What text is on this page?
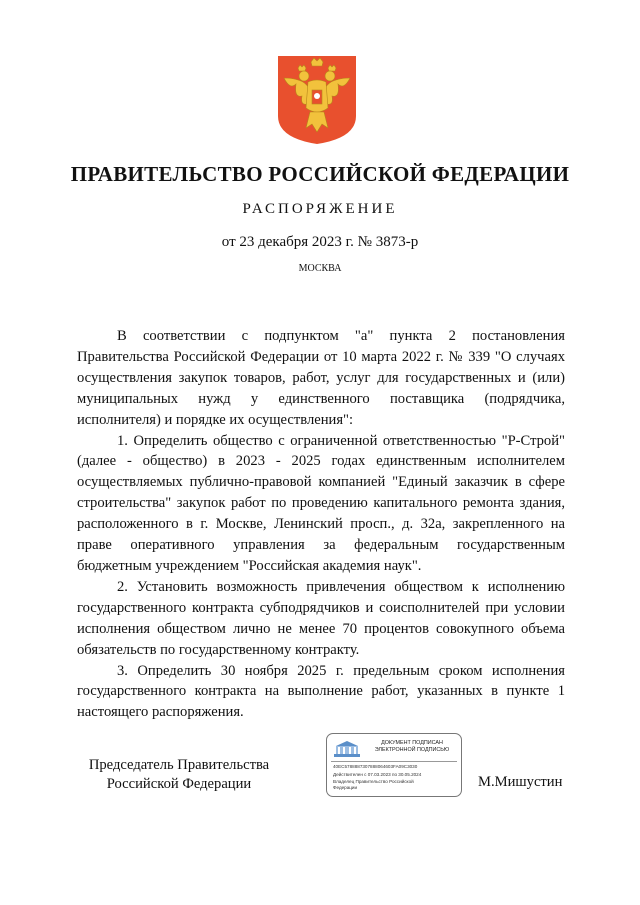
ПРАВИТЕЛЬСТВО РОССИЙСКОЙ ФЕДЕРАЦИИ
РАСПОРЯЖЕНИЕ
от 23 декабря 2023 г. № 3873-р
МОСКВА

В соответствии с подпунктом "а" пункта 2 постановления Правительства Российской Федерации от 10 марта 2022 г. № 339 "О случаях осуществления закупок товаров, работ, услуг для государственных и (или) муниципальных нужд у единственного поставщика (подрядчика, исполнителя) и порядке их осуществления":

1. Определить общество с ограниченной ответственностью "Р-Строй" (далее - общество) в 2023 - 2025 годах единственным исполнителем осуществляемых публично-правовой компанией "Единый заказчик в сфере строительства" закупок работ по проведению капитального ремонта здания, расположенного в г. Москве, Ленинский просп., д. 32а, закрепленного на праве оперативного управления за федеральным государственным бюджетным учреждением "Российская академия наук".

2. Установить возможность привлечения обществом к исполнению государственного контракта субподрядчиков и соисполнителей при условии исполнения обществом лично не менее 70 процентов совокупного объема обязательств по государственному контракту.

3. Определить 30 ноября 2025 г. предельным сроком исполнения государственного контракта на выполнение работ, указанных в пункте 1 настоящего распоряжения.

Председатель Правительства
Российской Федерации
ДОКУМЕНТ ПОДПИСАН
ЭЛЕКТРОННОЙ ПОДПИСЬЮ
40EC5788887307888064603FA09C3030
Действителен с 07.03.2023 по 30.05.2024
Владелец Правительство Российской
Федерации	М.Мишустин
